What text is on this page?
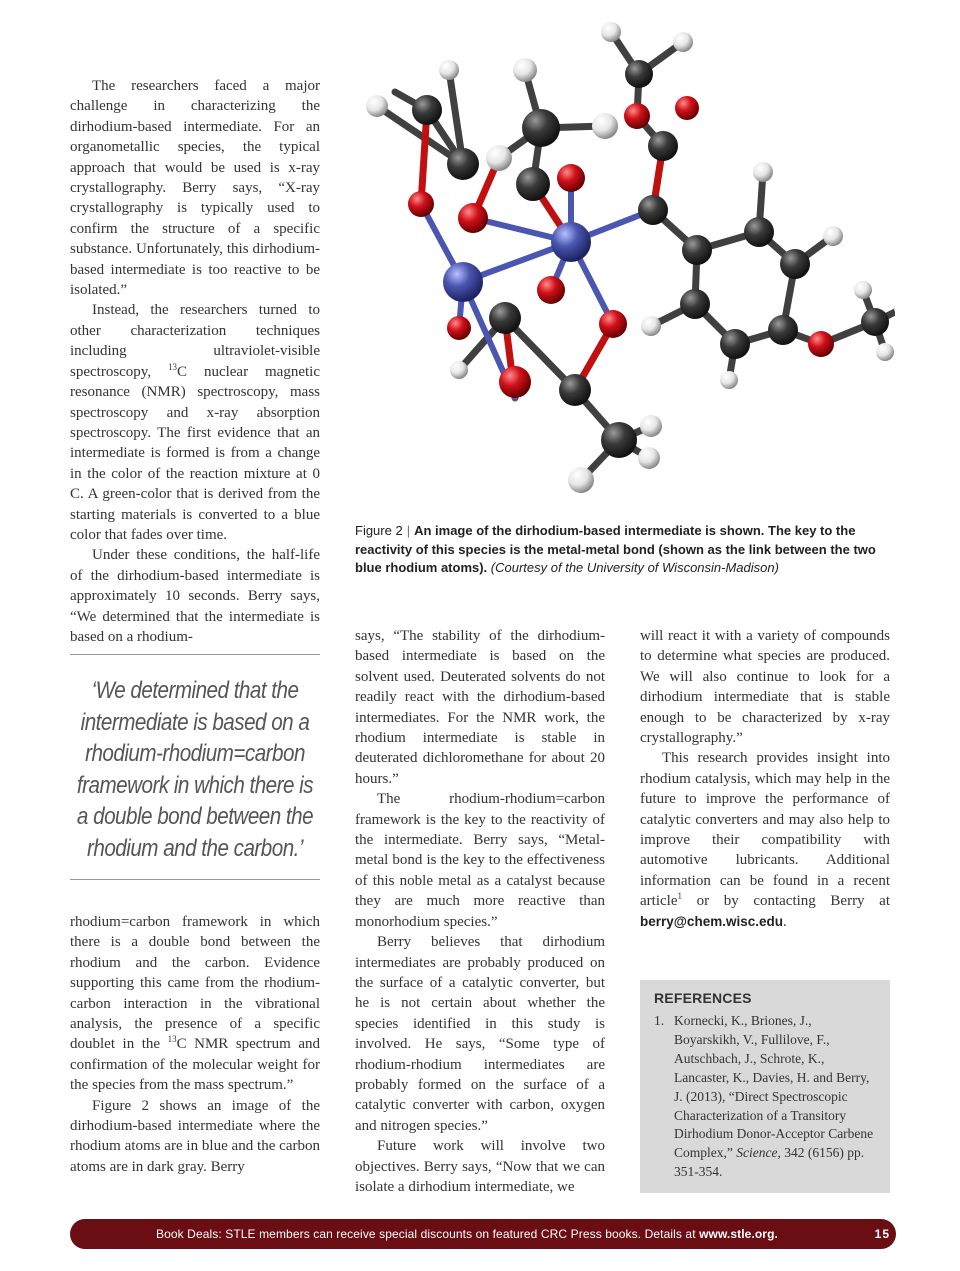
The researchers faced a major challenge in characterizing the dirhodium-based intermediate. For an organometallic species, the typical approach that would be used is x-ray crystallography. Berry says, “X-ray crystallography is typically used to confirm the structure of a specific substance. Unfortunately, this dirhodium-based intermediate is too reactive to be isolated.”

Instead, the researchers turned to other characterization techniques including ultraviolet-visible spectroscopy, $^{13}$C nuclear magnetic resonance (NMR) spectroscopy, mass spectroscopy and x-ray absorption spectroscopy. The first evidence that an intermediate is formed is from a change in the color of the reaction mixture at 0 C. A green-color that is derived from the starting materials is converted to a blue color that fades over time.

Under these conditions, the half-life of the dirhodium-based intermediate is approximately 10 seconds. Berry says, “We determined that the intermediate is based on a rhodium-

‘We determined that the intermediate is based on a rhodium-rhodium=carbon framework in which there is a double bond between the rhodium and the carbon.’

rhodium=carbon framework in which there is a double bond between the rhodium and the carbon. Evidence supporting this came from the rhodium-carbon interaction in the vibrational analysis, the presence of a specific doublet in the $^{13}$C NMR spectrum and confirmation of the molecular weight for the species from the mass spectrum.”

Figure 2 shows an image of the dirhodium-based intermediate where the rhodium atoms are in blue and the carbon atoms are in dark gray. Berry

Figure 2 | An image of the dirhodium-based intermediate is shown. The key to the reactivity of this species is the metal-metal bond (shown as the link between the two blue rhodium atoms). (Courtesy of the University of Wisconsin-Madison)

says, “The stability of the dirhodium-based intermediate is based on the solvent used. Deuterated solvents do not readily react with the dirhodium-based intermediates. For the NMR work, the rhodium intermediate is stable in deuterated dichloromethane for about 20 hours.”

The rhodium-rhodium=carbon framework is the key to the reactivity of the intermediate. Berry says, “Metal-metal bond is the key to the effectiveness of this noble metal as a catalyst because they are much more reactive than monorhodium species.”

Berry believes that dirhodium intermediates are probably produced on the surface of a catalytic converter, but he is not certain about whether the species identified in this study is involved. He says, “Some type of rhodium-rhodium intermediates are probably formed on the surface of a catalytic converter with carbon, oxygen and nitrogen species.”

Future work will involve two objectives. Berry says, “Now that we can isolate a dirhodium intermediate, we

will react it with a variety of compounds to determine what species are produced. We will also continue to look for a dirhodium intermediate that is stable enough to be characterized by x-ray crystallography.”

This research provides insight into rhodium catalysis, which may help in the future to improve the performance of catalytic converters and may also help to improve their compatibility with automotive lubricants. Additional information can be found in a recent article$^1$ or by contacting Berry at berry@chem.wisc.edu.

REFERENCES
1. Kornecki, K., Briones, J., Boyarskikh, V., Fullilove, F., Autschbach, J., Schrote, K., Lancaster, K., Davies, H. and Berry, J. (2013), “Direct Spectroscopic Characterization of a Transitory Dirhodium Donor-Acceptor Carbene Complex,” Science, 342 (6156) pp. 351-354.
Book Deals: STLE members can receive special discounts on featured CRC Press books. Details at www.stle.org.	15
